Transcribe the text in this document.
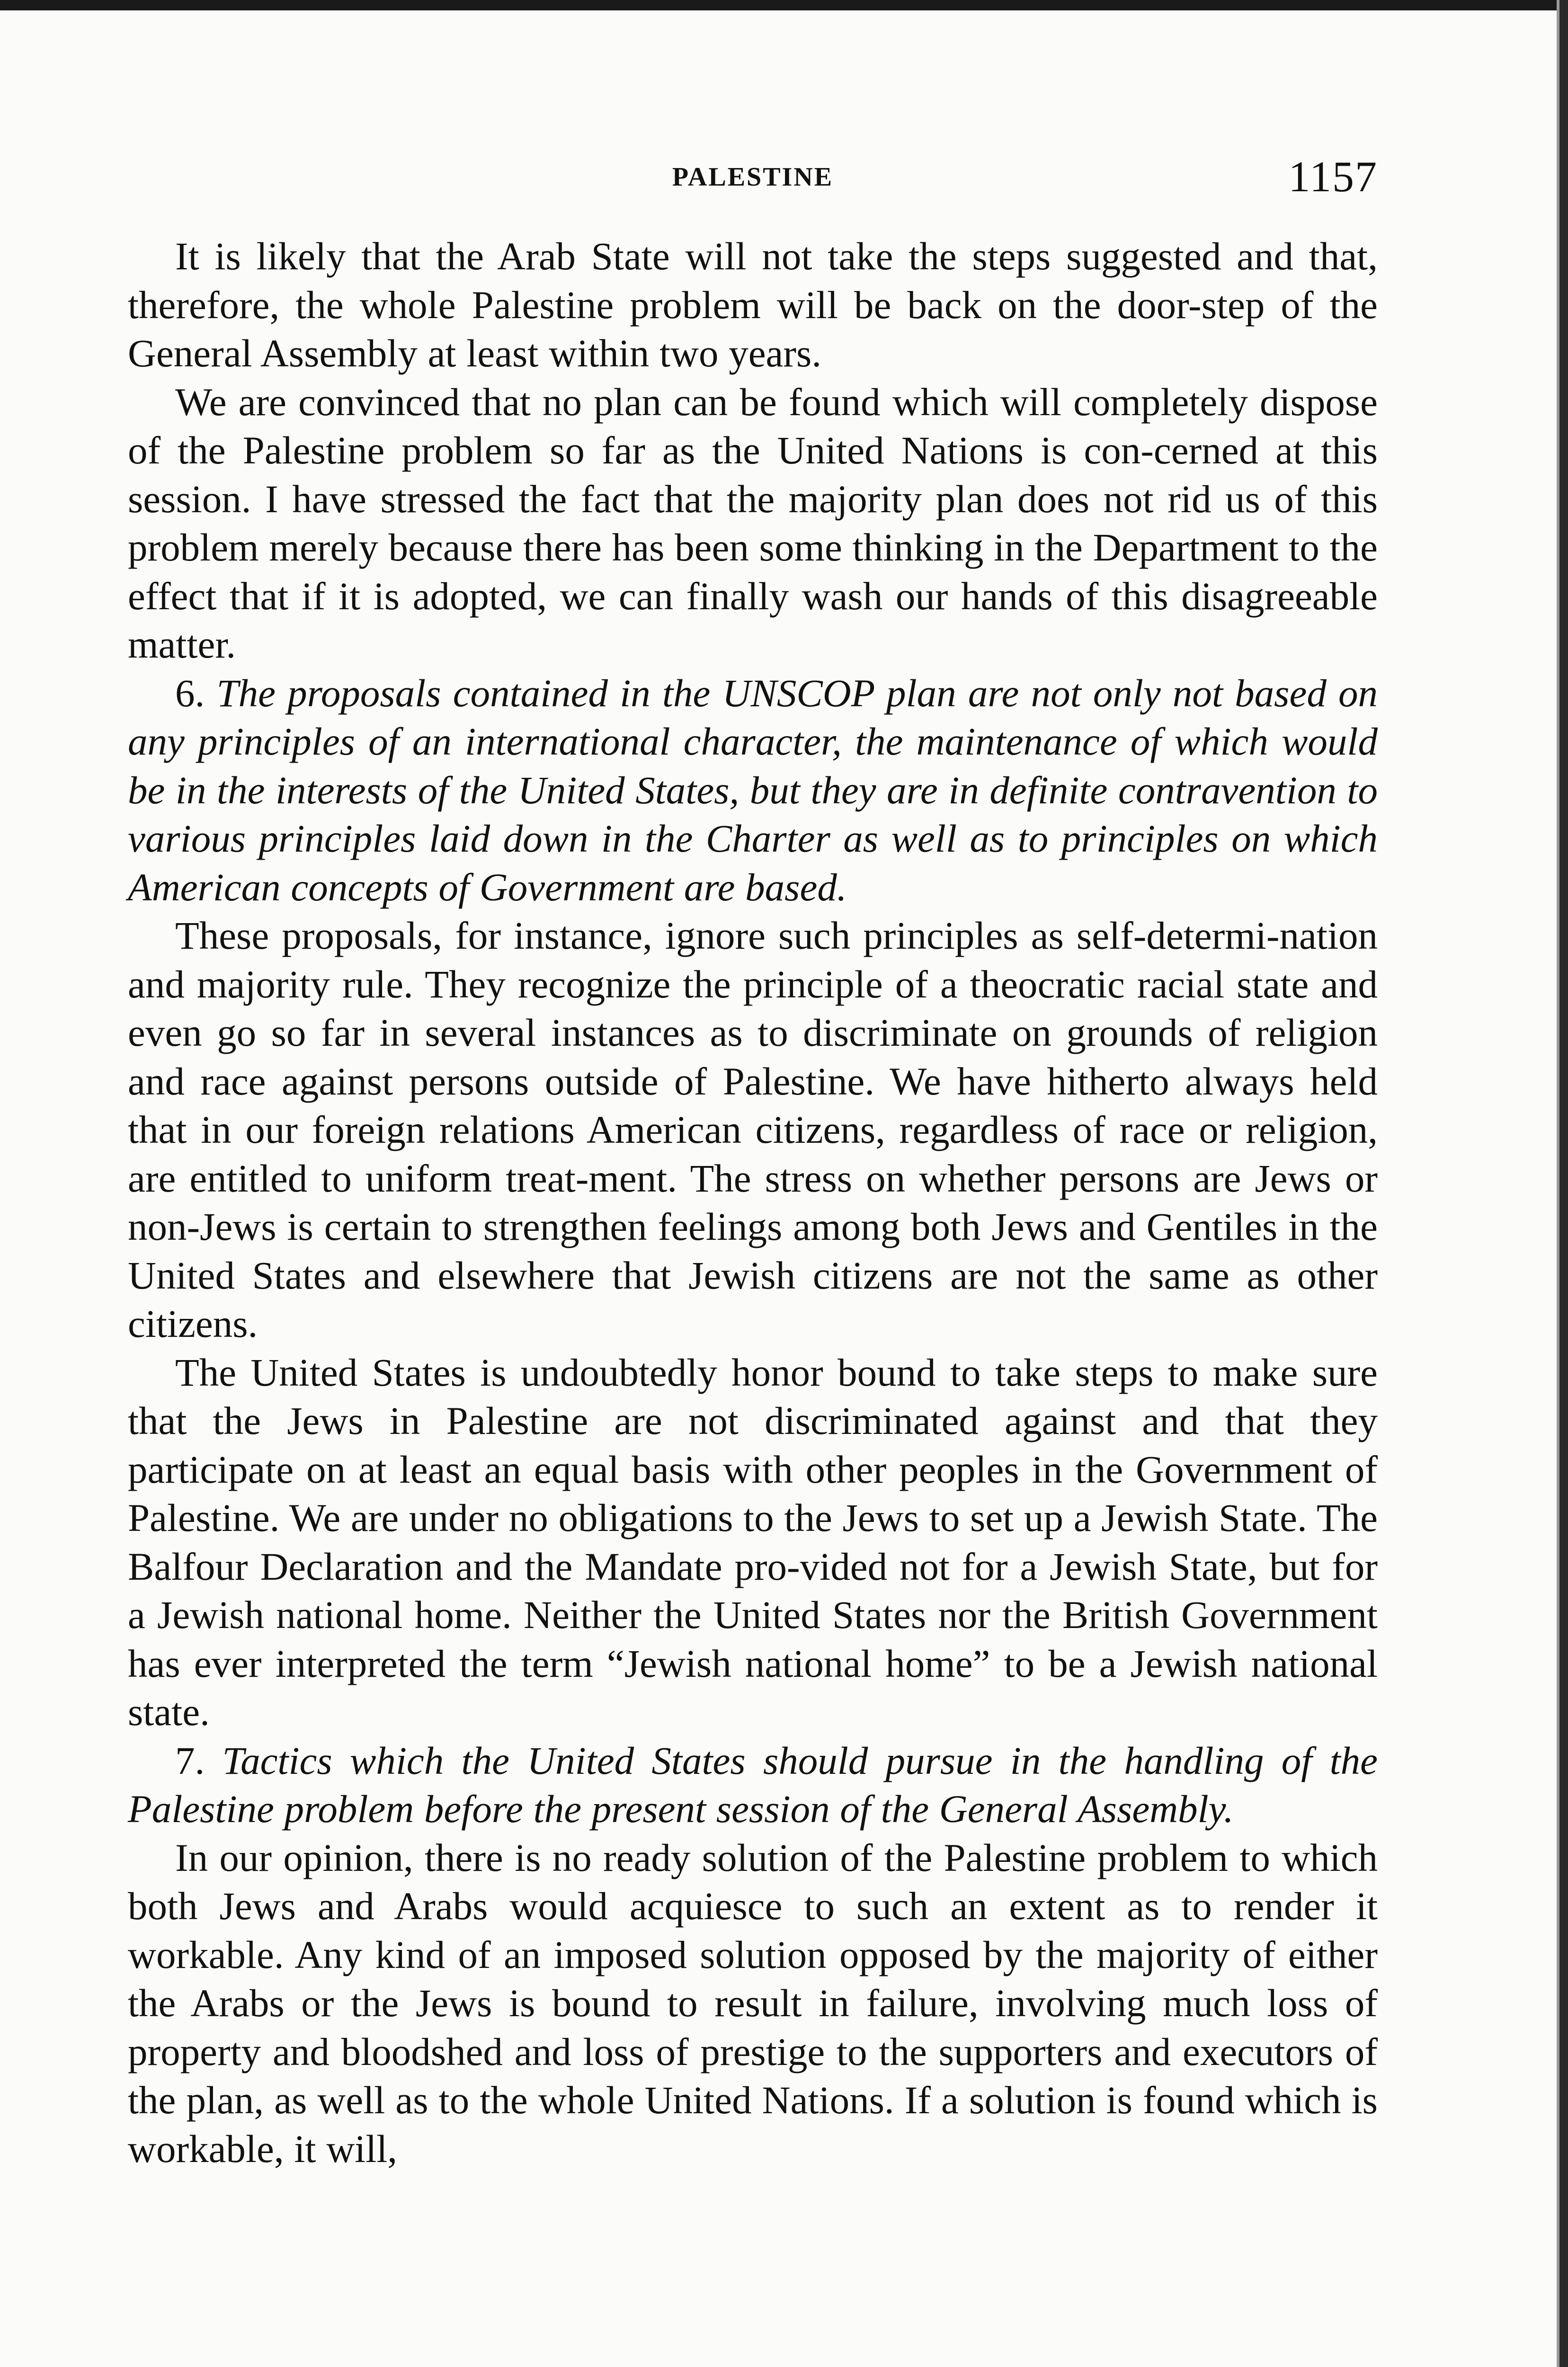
PALESTINE	1157

It is likely that the Arab State will not take the steps suggested and that, therefore, the whole Palestine problem will be back on the door-step of the General Assembly at least within two years.

We are convinced that no plan can be found which will completely dispose of the Palestine problem so far as the United Nations is con-cerned at this session. I have stressed the fact that the majority plan does not rid us of this problem merely because there has been some thinking in the Department to the effect that if it is adopted, we can finally wash our hands of this disagreeable matter.

6. The proposals contained in the UNSCOP plan are not only not based on any principles of an international character, the maintenance of which would be in the interests of the United States, but they are in definite contravention to various principles laid down in the Charter as well as to principles on which American concepts of Government are based.

These proposals, for instance, ignore such principles as self-determi-nation and majority rule. They recognize the principle of a theocratic racial state and even go so far in several instances as to discriminate on grounds of religion and race against persons outside of Palestine. We have hitherto always held that in our foreign relations American citizens, regardless of race or religion, are entitled to uniform treat-ment. The stress on whether persons are Jews or non-Jews is certain to strengthen feelings among both Jews and Gentiles in the United States and elsewhere that Jewish citizens are not the same as other citizens.

The United States is undoubtedly honor bound to take steps to make sure that the Jews in Palestine are not discriminated against and that they participate on at least an equal basis with other peoples in the Government of Palestine. We are under no obligations to the Jews to set up a Jewish State. The Balfour Declaration and the Mandate pro-vided not for a Jewish State, but for a Jewish national home. Neither the United States nor the British Government has ever interpreted the term “Jewish national home” to be a Jewish national state.

7. Tactics which the United States should pursue in the handling of the Palestine problem before the present session of the General Assembly.

In our opinion, there is no ready solution of the Palestine problem to which both Jews and Arabs would acquiesce to such an extent as to render it workable. Any kind of an imposed solution opposed by the majority of either the Arabs or the Jews is bound to result in failure, involving much loss of property and bloodshed and loss of prestige to the supporters and executors of the plan, as well as to the whole United Nations. If a solution is found which is workable, it will,
